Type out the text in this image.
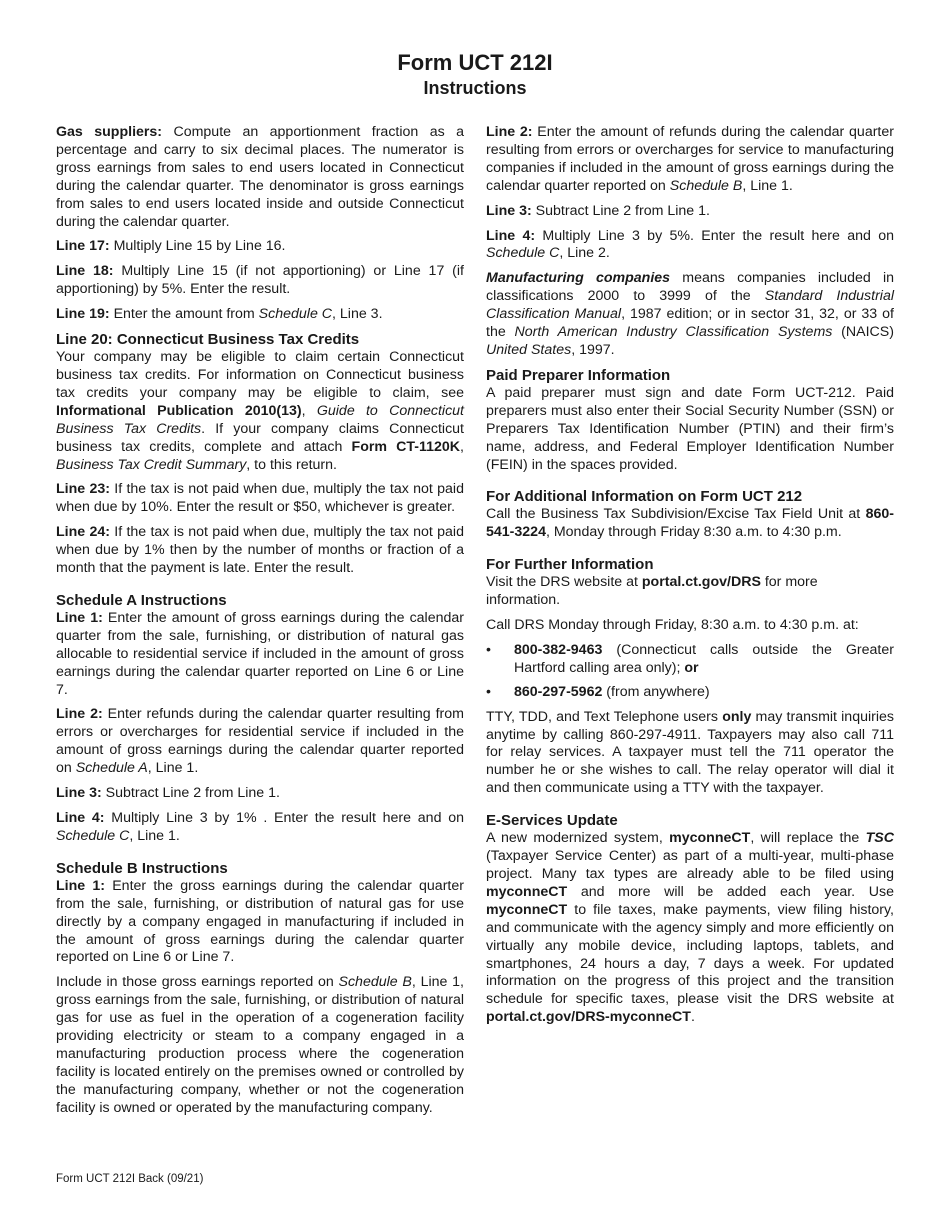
Form UCT 212I
Instructions

Gas suppliers: Compute an apportionment fraction as a percentage and carry to six decimal places. The numerator is gross earnings from sales to end users located in Connecticut during the calendar quarter. The denominator is gross earnings from sales to end users located inside and outside Connecticut during the calendar quarter.

Line 17: Multiply Line 15 by Line 16.

Line 18: Multiply Line 15 (if not apportioning) or Line 17 (if apportioning) by 5%. Enter the result.

Line 19: Enter the amount from Schedule C, Line 3.

Line 20: Connecticut Business Tax Credits

Your company may be eligible to claim certain Connecticut business tax credits. For information on Connecticut business tax credits your company may be eligible to claim, see Informational Publication 2010(13), Guide to Connecticut Business Tax Credits. If your company claims Connecticut business tax credits, complete and attach Form CT-1120K, Business Tax Credit Summary, to this return.

Line 23: If the tax is not paid when due, multiply the tax not paid when due by 10%. Enter the result or $50, whichever is greater.

Line 24: If the tax is not paid when due, multiply the tax not paid when due by 1% then by the number of months or fraction of a month that the payment is late. Enter the result.

Schedule A Instructions

Line 1: Enter the amount of gross earnings during the calendar quarter from the sale, furnishing, or distribution of natural gas allocable to residential service if included in the amount of gross earnings during the calendar quarter reported on Line 6 or Line 7.

Line 2: Enter refunds during the calendar quarter resulting from errors or overcharges for residential service if included in the amount of gross earnings during the calendar quarter reported on Schedule A, Line 1.

Line 3: Subtract Line 2 from Line 1.

Line 4: Multiply Line 3 by 1% . Enter the result here and on Schedule C, Line 1.

Schedule B Instructions

Line 1: Enter the gross earnings during the calendar quarter from the sale, furnishing, or distribution of natural gas for use directly by a company engaged in manufacturing if included in the amount of gross earnings during the calendar quarter reported on Line 6 or Line 7.

Include in those gross earnings reported on Schedule B, Line 1, gross earnings from the sale, furnishing, or distribution of natural gas for use as fuel in the operation of a cogeneration facility providing electricity or steam to a company engaged in a manufacturing production process where the cogeneration facility is located entirely on the premises owned or controlled by the manufacturing company, whether or not the cogeneration facility is owned or operated by the manufacturing company.

Line 2: Enter the amount of refunds during the calendar quarter resulting from errors or overcharges for service to manufacturing companies if included in the amount of gross earnings during the calendar quarter reported on Schedule B, Line 1.

Line 3: Subtract Line 2 from Line 1.

Line 4: Multiply Line 3 by 5%. Enter the result here and on Schedule C, Line 2.

Manufacturing companies means companies included in classifications 2000 to 3999 of the Standard Industrial Classification Manual, 1987 edition; or in sector 31, 32, or 33 of the North American Industry Classification Systems (NAICS) United States, 1997.

Paid Preparer Information

A paid preparer must sign and date Form UCT-212. Paid preparers must also enter their Social Security Number (SSN) or Preparers Tax Identification Number (PTIN) and their firm’s name, address, and Federal Employer Identification Number (FEIN) in the spaces provided.

For Additional Information on Form UCT 212

Call the Business Tax Subdivision/Excise Tax Field Unit at 860-541-3224, Monday through Friday 8:30 a.m. to 4:30 p.m.

For Further Information

Visit the DRS website at portal.ct.gov/DRS for more information.

Call DRS Monday through Friday, 8:30 a.m. to 4:30 p.m. at:

• 800-382-9463 (Connecticut calls outside the Greater Hartford calling area only); or
• 860-297-5962 (from anywhere)

TTY, TDD, and Text Telephone users only may transmit inquiries anytime by calling 860-297-4911. Taxpayers may also call 711 for relay services. A taxpayer must tell the 711 operator the number he or she wishes to call. The relay operator will dial it and then communicate using a TTY with the taxpayer.

E-Services Update

A new modernized system, myconneCT, will replace the TSC (Taxpayer Service Center) as part of a multi-year, multi-phase project. Many tax types are already able to be filed using myconneCT and more will be added each year. Use myconneCT to file taxes, make payments, view filing history, and communicate with the agency simply and more efficiently on virtually any mobile device, including laptops, tablets, and smartphones, 24 hours a day, 7 days a week. For updated information on the progress of this project and the transition schedule for specific taxes, please visit the DRS website at portal.ct.gov/DRS-myconneCT.

Form UCT 212I Back (09/21)
